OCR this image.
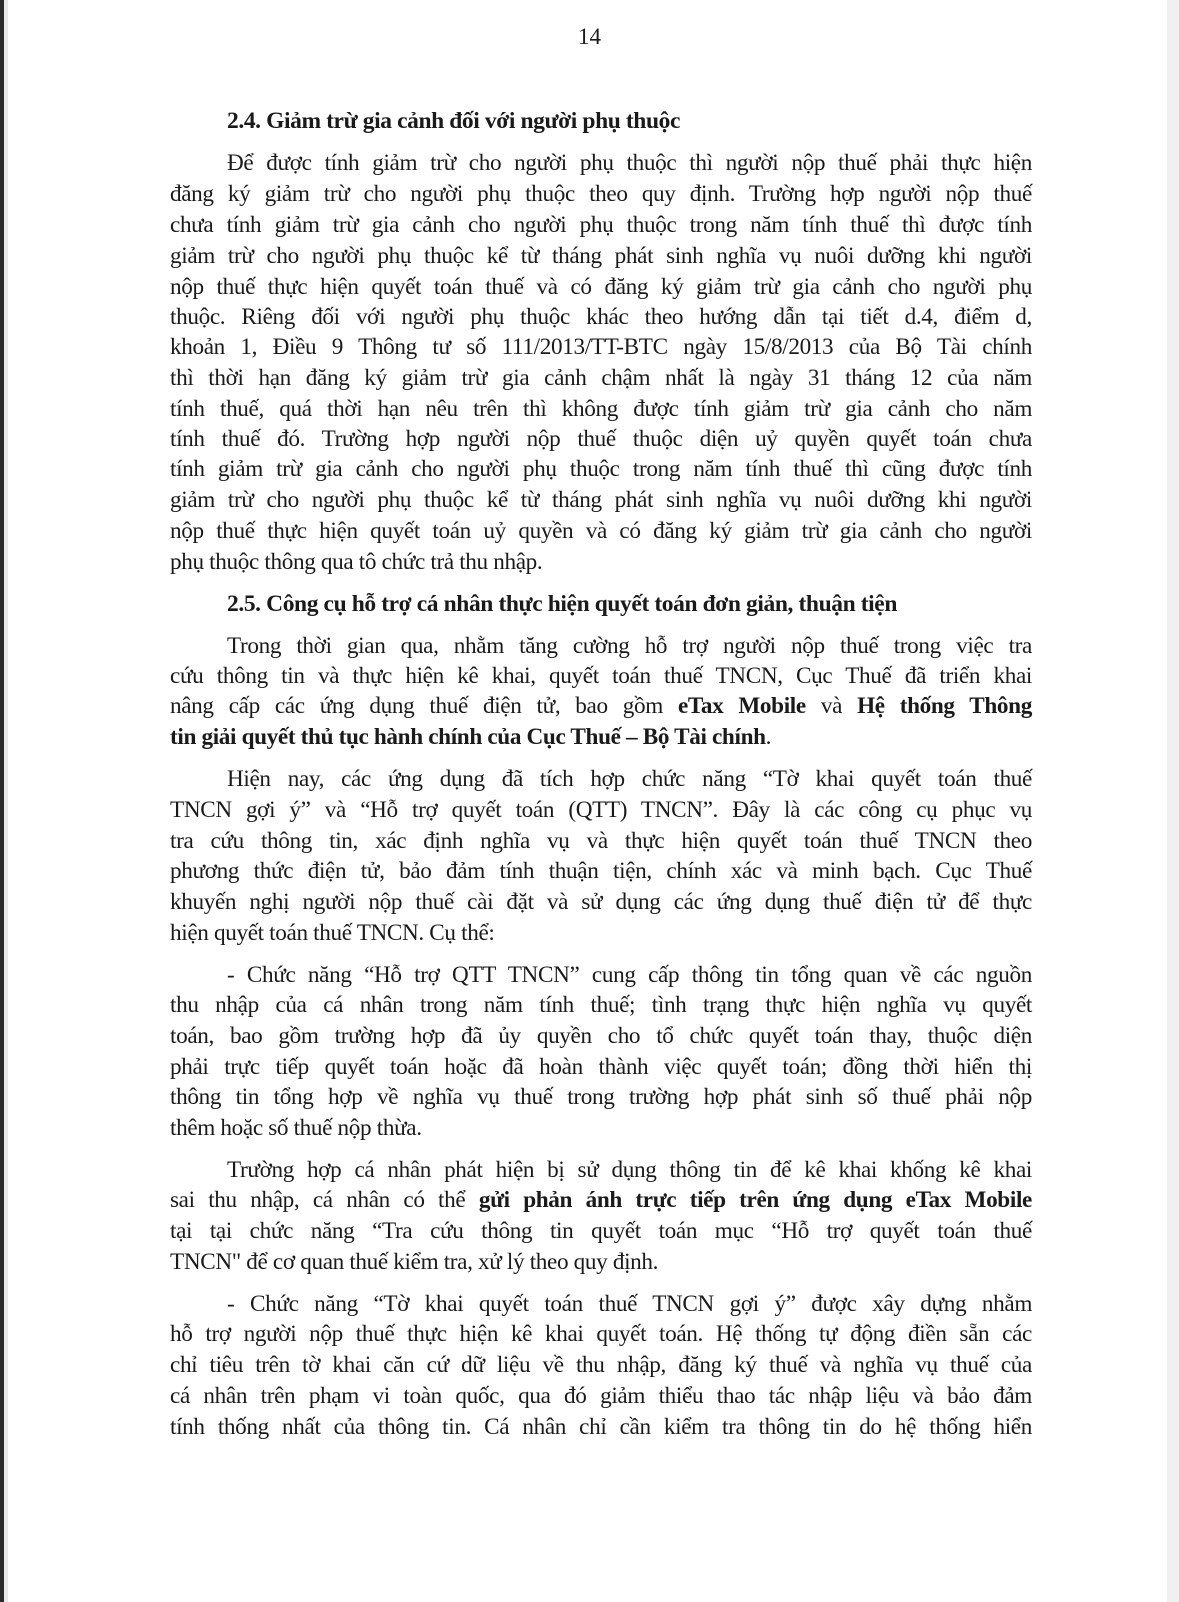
14
2.4. Giảm trừ gia cảnh đối với người phụ thuộc
Để được tính giảm trừ cho người phụ thuộc thì người nộp thuế phải thực hiện
đăng ký giảm trừ cho người phụ thuộc theo quy định. Trường hợp người nộp thuế
chưa tính giảm trừ gia cảnh cho người phụ thuộc trong năm tính thuế thì được tính
giảm trừ cho người phụ thuộc kể từ tháng phát sinh nghĩa vụ nuôi dưỡng khi người
nộp thuế thực hiện quyết toán thuế và có đăng ký giảm trừ gia cảnh cho người phụ
thuộc. Riêng đối với người phụ thuộc khác theo hướng dẫn tại tiết d.4, điểm d,
khoản 1, Điều 9 Thông tư số 111/2013/TT-BTC ngày 15/8/2013 của Bộ Tài chính
thì thời hạn đăng ký giảm trừ gia cảnh chậm nhất là ngày 31 tháng 12 của năm
tính thuế, quá thời hạn nêu trên thì không được tính giảm trừ gia cảnh cho năm
tính thuế đó. Trường hợp người nộp thuế thuộc diện uỷ quyền quyết toán chưa
tính giảm trừ gia cảnh cho người phụ thuộc trong năm tính thuế thì cũng được tính
giảm trừ cho người phụ thuộc kể từ tháng phát sinh nghĩa vụ nuôi dưỡng khi người
nộp thuế thực hiện quyết toán uỷ quyền và có đăng ký giảm trừ gia cảnh cho người
phụ thuộc thông qua tô chức trả thu nhập.
2.5. Công cụ hỗ trợ cá nhân thực hiện quyết toán đơn giản, thuận tiện
Trong thời gian qua, nhằm tăng cường hỗ trợ người nộp thuế trong việc tra
cứu thông tin và thực hiện kê khai, quyết toán thuế TNCN, Cục Thuế đã triển khai
nâng cấp các ứng dụng thuế điện tử, bao gồm eTax Mobile và Hệ thống Thông
tin giải quyết thủ tục hành chính của Cục Thuế – Bộ Tài chính.
Hiện nay, các ứng dụng đã tích hợp chức năng “Tờ khai quyết toán thuế
TNCN gợi ý” và “Hỗ trợ quyết toán (QTT) TNCN”. Đây là các công cụ phục vụ
tra cứu thông tin, xác định nghĩa vụ và thực hiện quyết toán thuế TNCN theo
phương thức điện tử, bảo đảm tính thuận tiện, chính xác và minh bạch. Cục Thuế
khuyến nghị người nộp thuế cài đặt và sử dụng các ứng dụng thuế điện tử để thực
hiện quyết toán thuế TNCN. Cụ thể:
- Chức năng “Hỗ trợ QTT TNCN” cung cấp thông tin tổng quan về các nguồn
thu nhập của cá nhân trong năm tính thuế; tình trạng thực hiện nghĩa vụ quyết
toán, bao gồm trường hợp đã ủy quyền cho tổ chức quyết toán thay, thuộc diện
phải trực tiếp quyết toán hoặc đã hoàn thành việc quyết toán; đồng thời hiển thị
thông tin tổng hợp về nghĩa vụ thuế trong trường hợp phát sinh số thuế phải nộp
thêm hoặc số thuế nộp thừa.
Trường hợp cá nhân phát hiện bị sử dụng thông tin để kê khai khống kê khai
sai thu nhập, cá nhân có thể gửi phản ánh trực tiếp trên ứng dụng eTax Mobile
tại tại chức năng “Tra cứu thông tin quyết toán mục “Hỗ trợ quyết toán thuế
TNCN" để cơ quan thuế kiểm tra, xử lý theo quy định.
- Chức năng “Tờ khai quyết toán thuế TNCN gợi ý” được xây dựng nhằm
hỗ trợ người nộp thuế thực hiện kê khai quyết toán. Hệ thống tự động điền sẵn các
chỉ tiêu trên tờ khai căn cứ dữ liệu về thu nhập, đăng ký thuế và nghĩa vụ thuế của
cá nhân trên phạm vi toàn quốc, qua đó giảm thiểu thao tác nhập liệu và bảo đảm
tính thống nhất của thông tin. Cá nhân chỉ cần kiểm tra thông tin do hệ thống hiển
